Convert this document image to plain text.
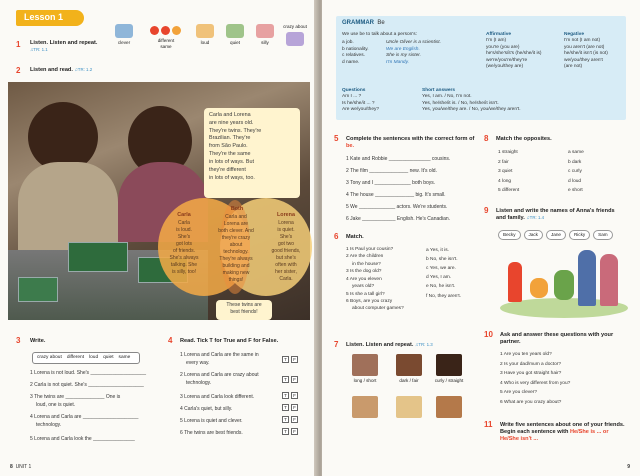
Lesson 1
1 Listen. Listen and repeat. ♫TR: 1.1
clever	different
same
loud	quiet	silly
crazy about
2 Listen and read. ♫TR: 1.2
Carla and Lorena
are nine years old.
They're twins. They're
Brazilian. They're
from São Paulo.
They're the same
in lots of ways. But
they're different
in lots of ways, too.
Carla
Carla
is loud.
She's
got lots
of friends.
She's always
talking. She
is silly, too!
Both
Carla and
Lorena are
both clever. And
they're crazy
about
technology.
They're always
building and
making new
things!
Lorena
Lorena
is quiet.
She's
got two
good friends,
but she's
often with
her sister,
Carla.
These twins are
best friends!
3 Write.
crazy about different loud quiet same
1 Lorena is not loud. She's ____________________
2 Carla is not quiet. She's ____________________
3 The twins are ______________ One is
loud, one is quiet.
4 Lorena and Carla are ____________________
technology.
5 Lorena and Carla look the _______________
4 Read. Tick T for True and F for False.
1 Lorena and Carla are the same in
every way.
T F
2 Lorena and Carla are crazy about
technology.
T F
3 Lorena and Carla look different.	T F
4 Carla's quiet, but silly.	T F
5 Lorena is quiet and clever.	T F
6 The twins are best friends.	T F
8 UNIT 1
GRAMMAR Be
We use be to talk about a person's:
a job.
b nationality.
c relatives.
d name.
Uncle Oliver is a scientist.
We are English.
She is my sister.
I'm Mandy.
Affirmative
I'm (I am)
you're (you are)
he's/she's/it's (he/she/it is)
we're/you're/they're
(we/you/they are)
Negative
I'm not (I am not)
you aren't (are not)
he/she/it isn't (is not)
we/you/they aren't
(are not)
Questions
Am I ... ?
Is he/she/it ... ?
Are we/you/they?
Short answers
Yes, I am. / No, I'm not.
Yes, he/she/it is. / No, he/she/it isn't.
Yes, you/we/they are. / No, you/we/they aren't.
5 Complete the sentences with the correct form of be.
1 Kate and Robbie _______________ cousins.
2 The film ______________ new. It's old.
3 Tony and I _____________ both boys.
4 The house ______________ big. It's small.
5 We _____________ actors. We're students.
6 Jake ____________ English. He's Canadian.
6 Match.
1 Is Paul your cousin?
2 Are the children
in the house?
3 Is the dog old?
4 Are you eleven
years old?
5 Is she a tall girl?
6 Boys, are you crazy
about computer games?
a Yes, it is.
b No, she isn't.
c Yes, we are.
d Yes, I am.
e No, he isn't.
f No, they aren't.
7 Listen. Listen and repeat. ♫TR: 1.3
long / short	dark / fair	curly / straight
8 Match the opposites.
1 straight
2 fair
3 quiet
4 long
5 different
a same
b dark
c curly
d loud
e short
9 Listen and write the names of Anna's friends and family. ♫TR: 1.4
Becky	Jack	Jane	Ricky	Sam
10 Ask and answer these questions with your partner.
1 Are you ten years old?
2 Is your dad/mum a doctor?
3 Have you got straight hair?
4 Who is very different from you?
5 Are you clever?
6 What are you crazy about?
11 Write five sentences about one of your friends. Begin each sentence with He/She is ... or He/She isn't ...
9
